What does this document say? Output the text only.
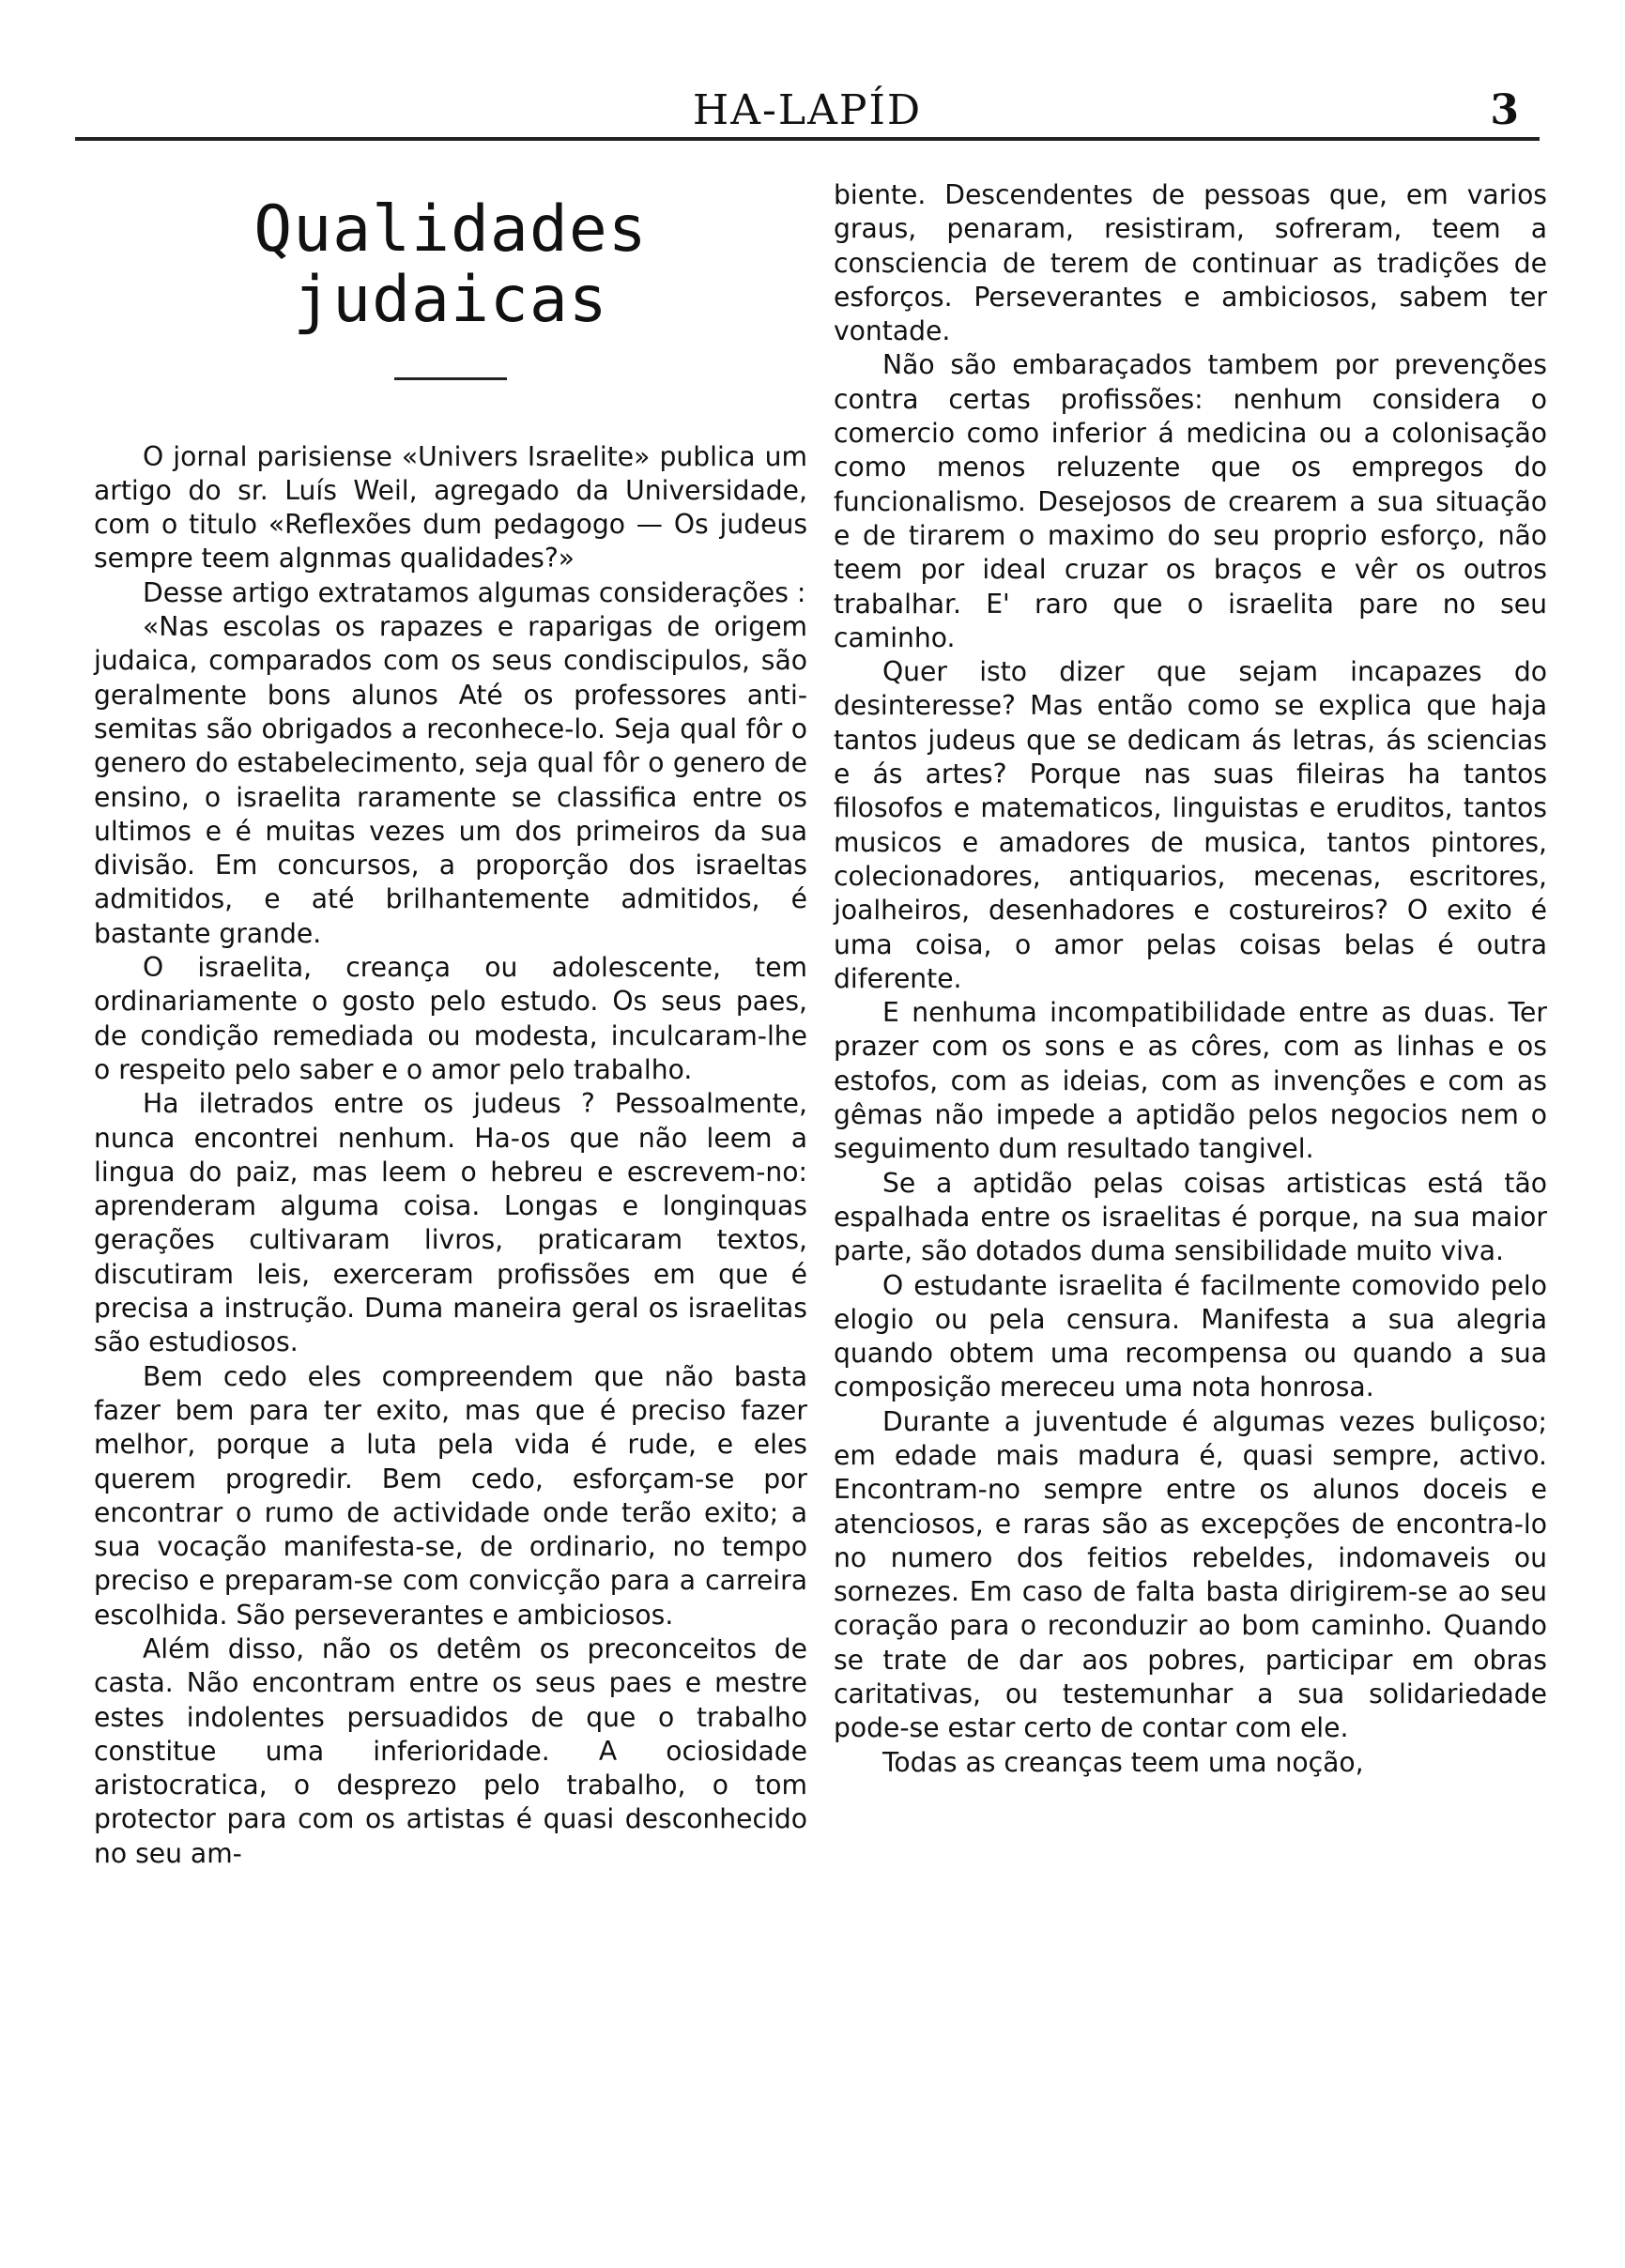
HA-LAPÍD	3
Qualidades judaicas

O jornal parisiense «Univers Israelite» publica um artigo do sr. Luís Weil, agregado da Universidade, com o titulo «Reflexões dum pedagogo — Os judeus sempre teem algnmas qualidades?»

Desse artigo extratamos algumas considerações :

«Nas escolas os rapazes e raparigas de origem judaica, comparados com os seus condiscipulos, são geralmente bons alunos Até os professores anti-semitas são obrigados a reconhece-lo. Seja qual fôr o genero do estabelecimento, seja qual fôr o genero de ensino, o israelita raramente se classifica entre os ultimos e é muitas vezes um dos primeiros da sua divisão. Em concursos, a proporção dos israeltas admitidos, e até brilhantemente admitidos, é bastante grande.

O israelita, creança ou adolescente, tem ordinariamente o gosto pelo estudo. Os seus paes, de condição remediada ou modesta, inculcaram-lhe o respeito pelo saber e o amor pelo trabalho.

Ha iletrados entre os judeus ? Pessoalmente, nunca encontrei nenhum. Ha-os que não leem a lingua do paiz, mas leem o hebreu e escrevem-no: aprenderam alguma coisa. Longas e longinquas gerações cultivaram livros, praticaram textos, discutiram leis, exerceram profissões em que é precisa a instrução. Duma maneira geral os israelitas são estudiosos.

Bem cedo eles compreendem que não basta fazer bem para ter exito, mas que é preciso fazer melhor, porque a luta pela vida é rude, e eles querem progredir. Bem cedo, esforçam-se por encontrar o rumo de actividade onde terão exito; a sua vocação manifesta-se, de ordinario, no tempo preciso e preparam-se com convicção para a carreira escolhida. São perseverantes e ambiciosos.

Além disso, não os detêm os preconceitos de casta. Não encontram entre os seus paes e mestre estes indolentes persuadidos de que o trabalho constitue uma inferioridade. A ociosidade aristocratica, o desprezo pelo trabalho, o tom protector para com os artistas é quasi desconhecido no seu am-

biente. Descendentes de pessoas que, em varios graus, penaram, resistiram, sofreram, teem a consciencia de terem de continuar as tradições de esforços. Perseverantes e ambiciosos, sabem ter vontade.

Não são embaraçados tambem por prevenções contra certas profissões: nenhum considera o comercio como inferior á medicina ou a colonisação como menos reluzente que os empregos do funcionalismo. Desejosos de crearem a sua situação e de tirarem o maximo do seu proprio esforço, não teem por ideal cruzar os braços e vêr os outros trabalhar. E' raro que o israelita pare no seu caminho.

Quer isto dizer que sejam incapazes do desinteresse? Mas então como se explica que haja tantos judeus que se dedicam ás letras, ás sciencias e ás artes? Porque nas suas fileiras ha tantos filosofos e matematicos, linguistas e eruditos, tantos musicos e amadores de musica, tantos pintores, colecionadores, antiquarios, mecenas, escritores, joalheiros, desenhadores e costureiros? O exito é uma coisa, o amor pelas coisas belas é outra diferente.

E nenhuma incompatibilidade entre as duas. Ter prazer com os sons e as côres, com as linhas e os estofos, com as ideias, com as invenções e com as gêmas não impede a aptidão pelos negocios nem o seguimento dum resultado tangivel.

Se a aptidão pelas coisas artisticas está tão espalhada entre os israelitas é porque, na sua maior parte, são dotados duma sensibilidade muito viva.

O estudante israelita é facilmente comovido pelo elogio ou pela censura. Manifesta a sua alegria quando obtem uma recompensa ou quando a sua composição mereceu uma nota honrosa.

Durante a juventude é algumas vezes buliçoso; em edade mais madura é, quasi sempre, activo. Encontram-no sempre entre os alunos doceis e atenciosos, e raras são as excepções de encontra-lo no numero dos feitios rebeldes, indomaveis ou sornezes. Em caso de falta basta dirigirem-se ao seu coração para o reconduzir ao bom caminho. Quando se trate de dar aos pobres, participar em obras caritativas, ou testemunhar a sua solidariedade pode-se estar certo de contar com ele.

Todas as creanças teem uma noção,
